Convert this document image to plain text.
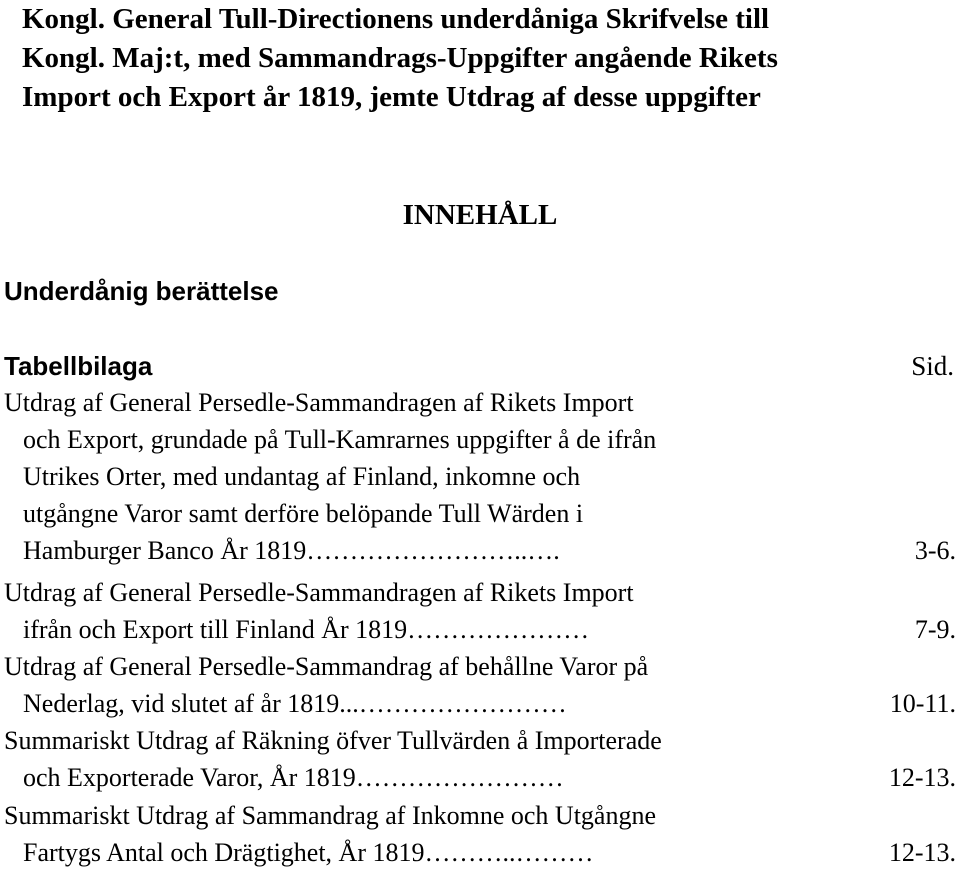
Kongl. General Tull-Directionens underdåniga Skrifvelse till
Kongl. Maj:t, med Sammandrags-Uppgifter angående Rikets
Import och Export år 1819, jemte Utdrag af desse uppgifter
INNEHÅLL
Underdånig berättelse
Tabellbilaga	Sid.
Utdrag af General Persedle-Sammandragen af Rikets Import
och Export, grundade på Tull-Kamrarnes uppgifter å de ifrån
Utrikes Orter, med undantag af Finland, inkomne och
utgångne Varor samt derföre belöpande Tull Wärden i
Hamburger Banco År 1819……………………..….	3-6.
Utdrag af General Persedle-Sammandragen af Rikets Import
ifrån och Export till Finland År 1819…………………	7-9.
Utdrag af General Persedle-Sammandrag af behållne Varor på
Nederlag, vid slutet af år 1819...……………………	10-11.
Summariskt Utdrag af Räkning öfver Tullvärden å Importerade
och Exporterade Varor, År 1819……………………	12-13.
Summariskt Utdrag af Sammandrag af Inkomne och Utgångne
Fartygs Antal och Drägtighet, År 1819………..………	12-13.
